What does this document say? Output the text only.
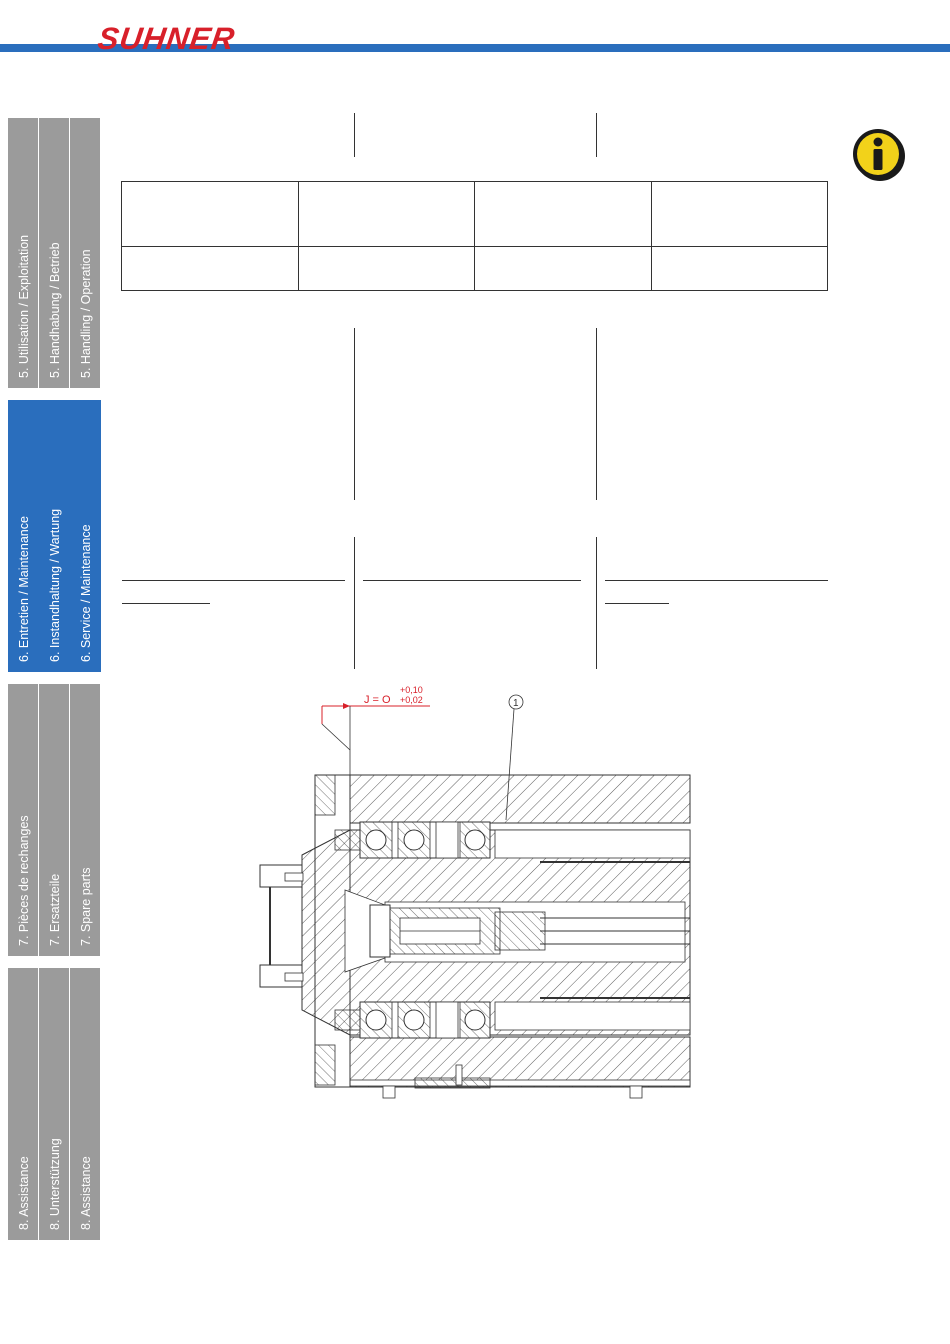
SUHNER
5. Utilisation / Exploitation 5. Handhabung / Betrieb 5. Handling / Operation
6. Entretien / Maintenance 6. Instandhaltung / Wartung 6. Service / Maintenance
7. Pièces de rechanges 7. Ersatzteile 7. Spare parts
8. Assistance 8. Unterstützung 8. Assistance

J = O
+0,10
+0,02	1
